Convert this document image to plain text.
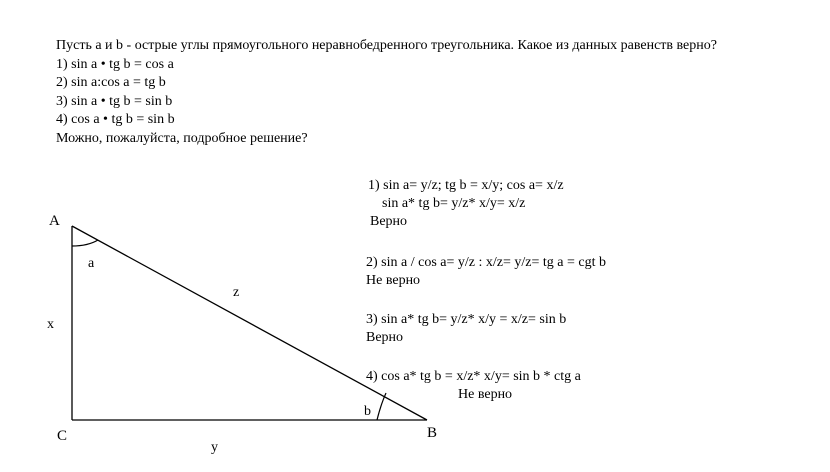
Пусть a и b - острые углы прямоугольного неравнобедренного треугольника. Какое из данных равенств верно?
1) sin a • tg b = cos a
2) sin a:cos a = tg b
3) sin a • tg b = sin b
4) cos a • tg b = sin b
Можно, пожалуйста, подробное решение?
A
C	B
a
b
x
y
z
1) sin a= y/z; tg b = x/y; cos a= x/z
sin a* tg b= y/z* x/y= x/z
Верно
2) sin a / cos a= y/z : x/z= y/z= tg a = cgt b
Не верно
3) sin a* tg b= y/z* x/y = x/z= sin b
Верно
4) cos a* tg b = x/z* x/y= sin b * ctg a
Не верно
